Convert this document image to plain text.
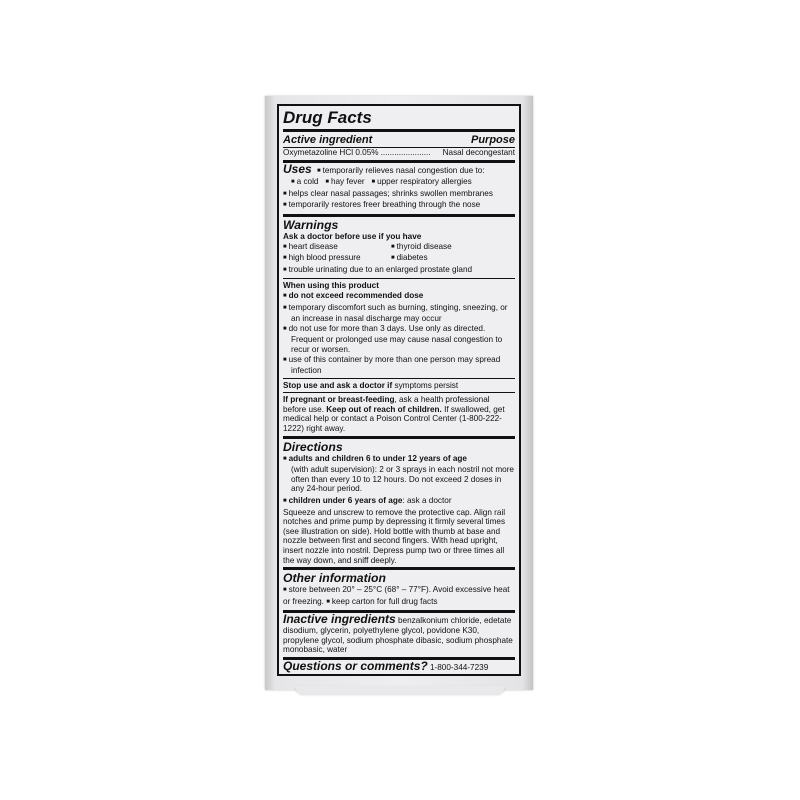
Drug Facts
Active ingredient	Purpose
Oxymetazoline HCl 0.05% ......................	Nasal decongestant
Uses ■ temporarily relieves nasal congestion due to:
■ a cold ■ hay fever ■ upper respiratory allergies
■ helps clear nasal passages; shrinks swollen membranes
■ temporarily restores freer breathing through the nose
Warnings
Ask a doctor before use if you have
■ heart disease	■ thyroid disease
■ high blood pressure	■ diabetes
■ trouble urinating due to an enlarged prostate gland
When using this product
■ do not exceed recommended dose
■ temporary discomfort such as burning, stinging, sneezing, or an increase in nasal discharge may occur
■ do not use for more than 3 days. Use only as directed. Frequent or prolonged use may cause nasal congestion to recur or worsen.
■ use of this container by more than one person may spread infection
Stop use and ask a doctor if symptoms persist
If pregnant or breast-feeding, ask a health professional before use. Keep out of reach of children. If swallowed, get medical help or contact a Poison Control Center (1-800-222-1222) right away.
Directions
■ adults and children 6 to under 12 years of age
(with adult supervision): 2 or 3 sprays in each nostril not more often than every 10 to 12 hours. Do not exceed 2 doses in any 24-hour period.
■ children under 6 years of age: ask a doctor
Squeeze and unscrew to remove the protective cap. Align rail notches and prime pump by depressing it firmly several times (see illustration on side). Hold bottle with thumb at base and nozzle between first and second fingers. With head upright, insert nozzle into nostril. Depress pump two or three times all the way down, and sniff deeply.
Other information
■ store between 20° – 25°C (68° – 77°F). Avoid excessive heat or freezing. ■ keep carton for full drug facts
Inactive ingredients benzalkonium chloride, edetate disodium, glycerin, polyethylene glycol, povidone K30, propylene glycol, sodium phosphate dibasic, sodium phosphate monobasic, water
Questions or comments? 1-800-344-7239
